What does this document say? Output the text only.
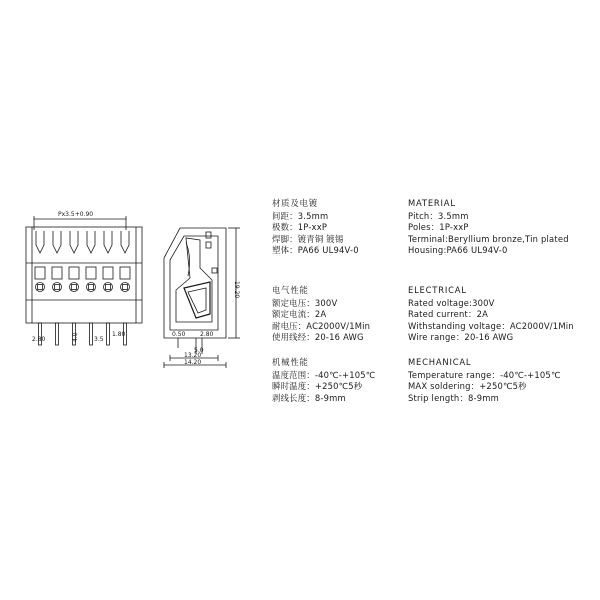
Px3.5+0.90
2.80	4.0	3.5
1.80
19.20
0.50 2.80
5.0
13.20
14.20
材质及电镀
间距：3.5mm
极数：1P-xxP
焊脚：镀青铜 镀锡
塑体：PA66 UL94V-0
电气性能
额定电压：300V
额定电流：2A
耐电压：AC2000V/1Min
使用线经：20-16 AWG
机械性能
温度范围：-40℃-+105℃
瞬时温度：+250℃5秒
剥线长度：8-9mm
MATERIAL
Pitch：3.5mm
Poles：1P-xxP
Terminal:Beryllium bronze,Tin plated
Housing:PA66 UL94V-0
ELECTRICAL
Rated voltage:300V
Rated current：2A
Withstanding voltage：AC2000V/1Min
Wire range：20-16 AWG
MECHANICAL
Temperature range：-40℃-+105℃
MAX soldering：+250℃5秒
Strip length：8-9mm
